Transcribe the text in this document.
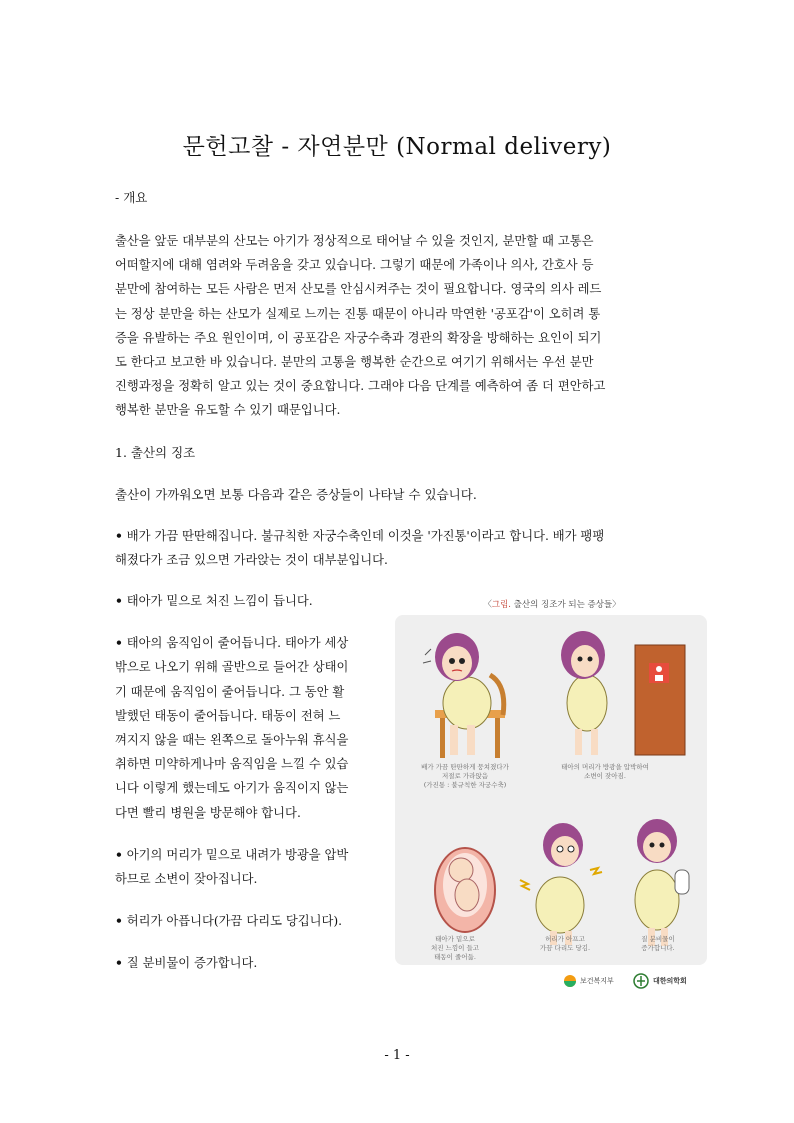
문헌고찰 - 자연분만 (Normal delivery)
- 개요
출산을 앞둔 대부분의 산모는 아기가 정상적으로 태어날 수 있을 것인지, 분만할 때 고통은
어떠할지에 대해 염려와 두려움을 갖고 있습니다. 그렇기 때문에 가족이나 의사, 간호사 등
분만에 참여하는 모든 사람은 먼저 산모를 안심시켜주는 것이 필요합니다. 영국의 의사 레드
는 정상 분만을 하는 산모가 실제로 느끼는 진통 때문이 아니라 막연한 '공포감'이 오히려 통
증을 유발하는 주요 원인이며, 이 공포감은 자궁수축과 경관의 확장을 방해하는 요인이 되기
도 한다고 보고한 바 있습니다. 분만의 고통을 행복한 순간으로 여기기 위해서는 우선 분만
진행과정을 정확히 알고 있는 것이 중요합니다. 그래야 다음 단계를 예측하여 좀 더 편안하고
행복한 분만을 유도할 수 있기 때문입니다.
1. 출산의 징조
출산이 가까워오면 보통 다음과 같은 증상들이 나타날 수 있습니다.
• 배가 가끔 딴딴해집니다. 불규칙한 자궁수축인데 이것을 '가진통'이라고 합니다. 배가 팽팽
해졌다가 조금 있으면 가라앉는 것이 대부분입니다.

• 태아가 밑으로 처진 느낌이 듭니다.

• 태아의 움직임이 줄어듭니다. 태아가 세상
밖으로 나오기 위해 골반으로 들어간 상태이
기 때문에 움직임이 줄어듭니다. 그 동안 활
발했던 태동이 줄어듭니다. 태동이 전혀 느
껴지지 않을 때는 왼쪽으로 돌아누워 휴식을
취하면 미약하게나마 움직임을 느낄 수 있습
니다 이렇게 했는데도 아기가 움직이지 않는
다면 빨리 병원을 방문해야 합니다.

• 아기의 머리가 밑으로 내려가 방광을 압박
하므로 소변이 잦아집니다.

• 허리가 아픕니다(가끔 다리도 당깁니다).

• 질 분비물이 증가합니다.

〈그림. 출산의 징조가 되는 증상들〉
배가 가끔 딴딴하게 뭉쳐졌다가
저절로 가라앉음
(가진통 : 불규칙한 자궁수축)
태아의 머리가 방광을 압박하여
소변이 잦아짐.
태아가 밑으로
처진 느낌이 들고
태동이 줄어듦.
허리가 아프고
가끔 다리도 당김.
질 분비물이
증가합니다.
보건복지부	대한의학회
- 1 -
